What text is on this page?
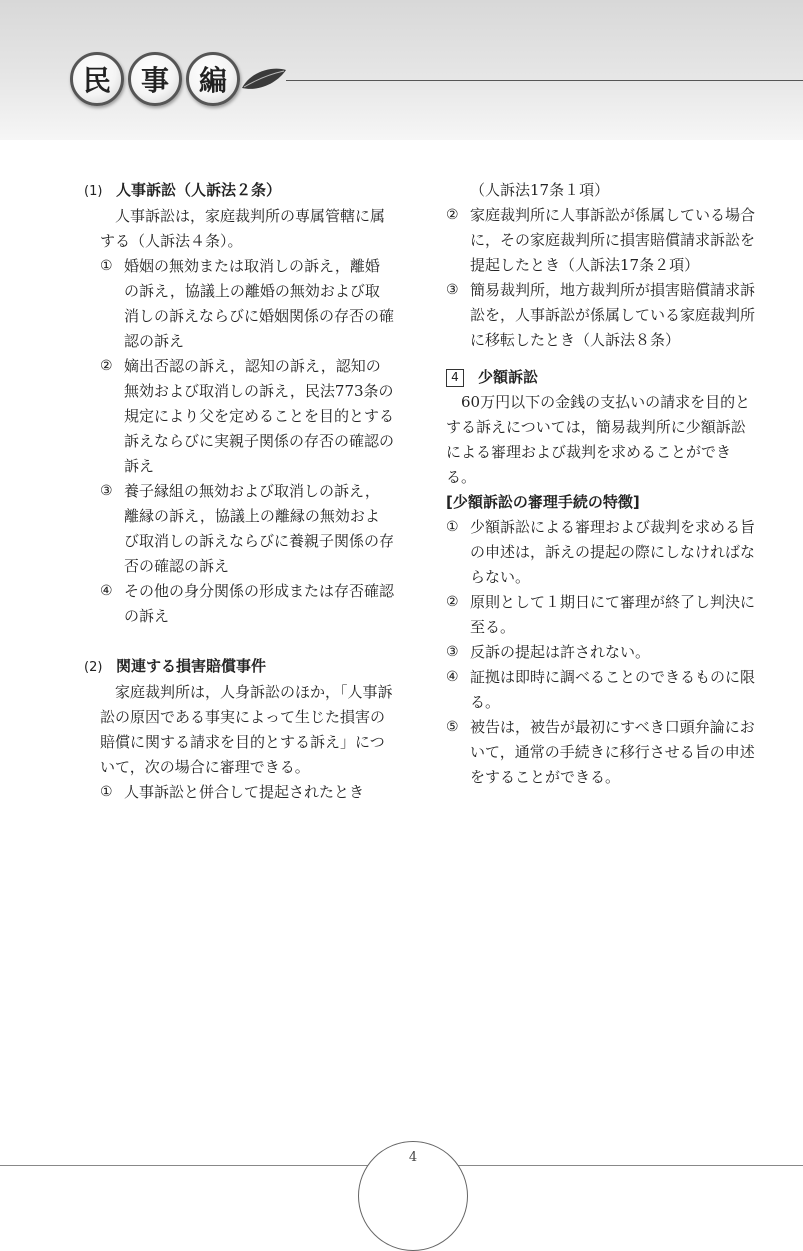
民	事	編
(1) 人事訴訟（人訴法２条）
人事訴訟は，家庭裁判所の専属管轄に属する（人訴法４条）。
① 婚姻の無効または取消しの訴え，離婚の訴え，協議上の離婚の無効および取消しの訴えならびに婚姻関係の存否の確認の訴え
② 嫡出否認の訴え，認知の訴え，認知の無効および取消しの訴え，民法773条の規定により父を定めることを目的とする訴えならびに実親子関係の存否の確認の訴え
③ 養子縁組の無効および取消しの訴え，離縁の訴え，協議上の離縁の無効および取消しの訴えならびに養親子関係の存否の確認の訴え
④ その他の身分関係の形成または存否確認の訴え
(2) 関連する損害賠償事件
家庭裁判所は，人身訴訟のほか，「人事訴訟の原因である事実によって生じた損害の賠償に関する請求を目的とする訴え」について，次の場合に審理できる。
① 人事訴訟と併合して提起されたとき
（人訴法17条１項）
② 家庭裁判所に人事訴訟が係属している場合に，その家庭裁判所に損害賠償請求訴訟を提起したとき（人訴法17条２項）
③ 簡易裁判所，地方裁判所が損害賠償請求訴訟を，人事訴訟が係属している家庭裁判所に移転したとき（人訴法８条）
4	少額訴訟
60万円以下の金銭の支払いの請求を目的とする訴えについては，簡易裁判所に少額訴訟による審理および裁判を求めることができる。
[少額訴訟の審理手続の特徴]
① 少額訴訟による審理および裁判を求める旨の申述は，訴えの提起の際にしなければならない。
② 原則として１期日にて審理が終了し判決に至る。
③ 反訴の提起は許されない。
④ 証拠は即時に調べることのできるものに限る。
⑤ 被告は，被告が最初にすべき口頭弁論において，通常の手続きに移行させる旨の申述をすることができる。
4
